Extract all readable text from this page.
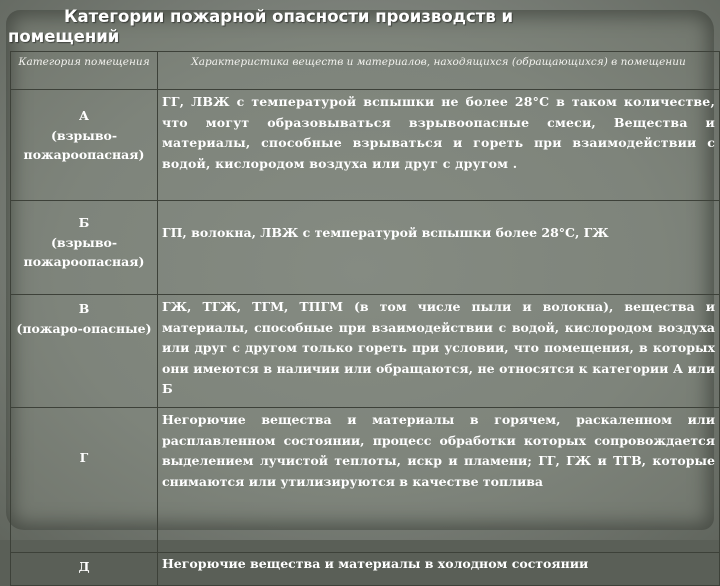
Категории пожарной опасности производств и помещений
Категория помещения	Характеристика веществ и материалов, находящихся (обращающихся) в помещении

А
(взрыво-пожароопасная)	ГГ, ЛВЖ с температурой вспышки не более 28°С в таком количестве, что могут образовываться взрывоопасные смеси, Вещества и материалы, способные взрываться и гореть при взаимодействии с водой, кислородом воздуха или друг с другом .

Б
(взрыво-пожароопасная)	ГП, волокна, ЛВЖ с температурой вспышки более 28°С, ГЖ

В
(пожаро-опасные)	ГЖ, ТГЖ, ТГМ, ТПГМ (в том числе пыли и волокна), вещества и материалы, способные при взаимодействии с водой, кислородом воздуха или друг с другом только гореть при условии, что помещения, в которых они имеются в наличии или обращаются, не относятся к категории А или Б

Г	Негорючие вещества и материалы в горячем, раскаленном или расплавленном состоянии, процесс обработки которых сопровождается выделением лучистой теплоты, искр и пламени; ГГ, ГЖ и ТГВ, которые снимаются или утилизируются в качестве топлива

Д	Негорючие вещества и материалы в холодном состоянии
